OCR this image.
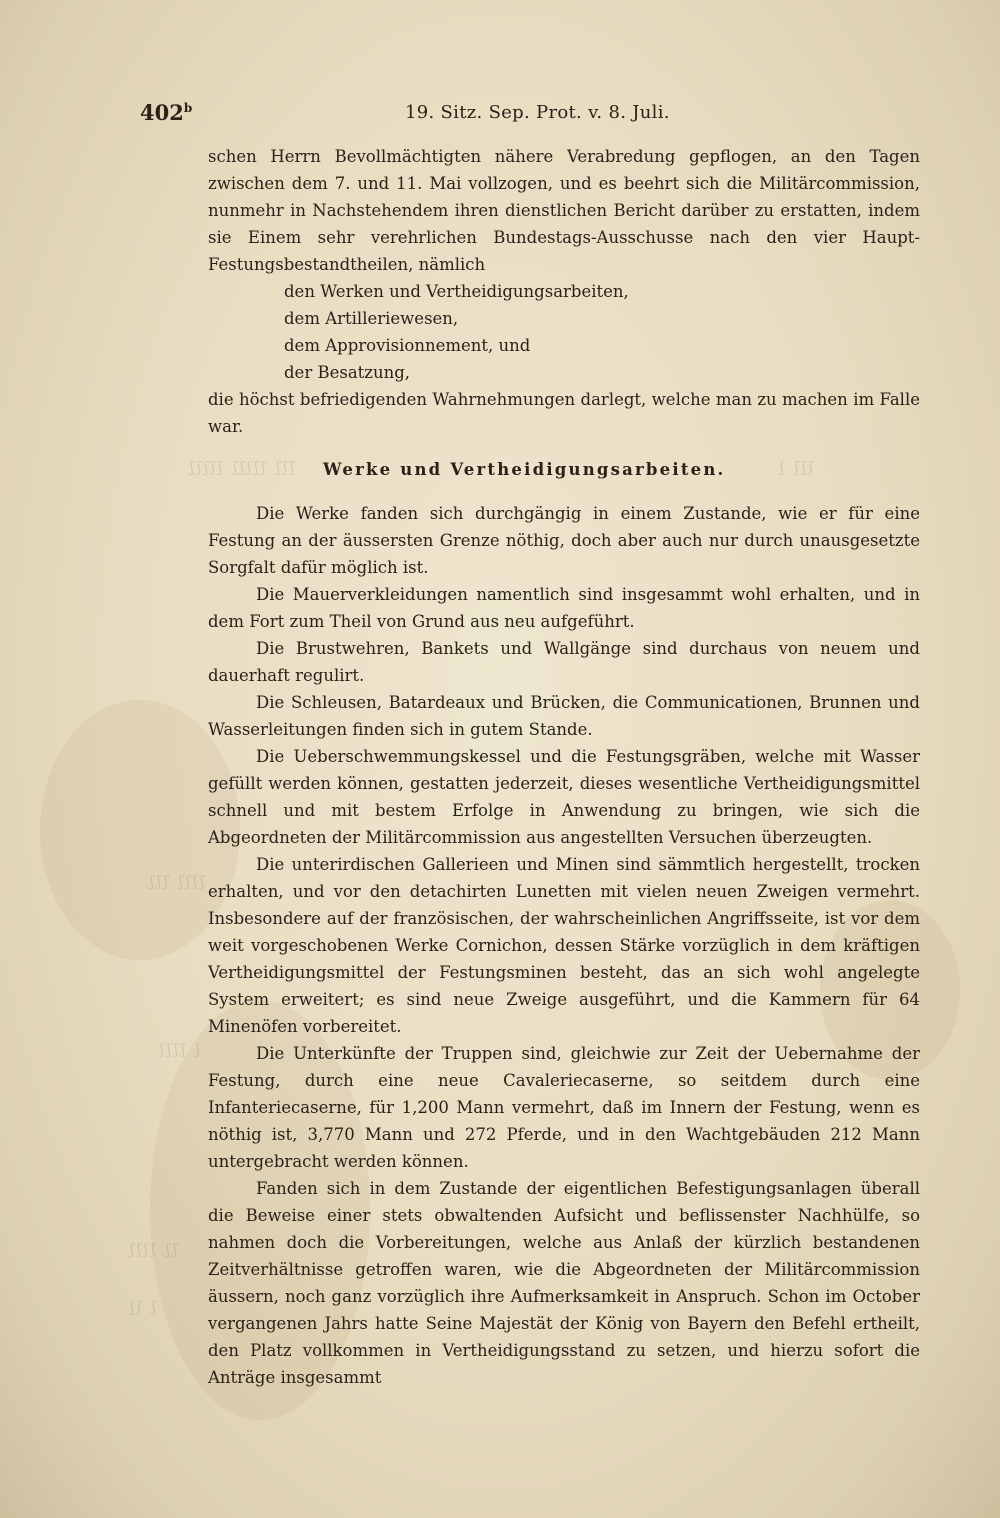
ʃʃʃʃʃ ʃʃʃʃʃ ʃʃʃ	ʃ ʃʃʃ
ʃʃʃ ʃʃʃʃ
ʃʃʃʃ ʃ
ʃʃʃʃ ʃʃ
ʃʃ ʃ
402$^b$	19. Sitz. Sep. Prot. v. 8. Juli.

schen Herrn Bevollmächtigten nähere Verabredung gepflogen, an den Tagen zwischen dem 7. und 11. Mai vollzogen, und es beehrt sich die Militärcommission, nunmehr in Nachstehendem ihren dienstlichen Bericht darüber zu erstatten, indem sie Einem sehr verehrlichen Bundestags-Ausschusse nach den vier Haupt-Festungsbestandtheilen, nämlich

den Werken und Vertheidigungsarbeiten,

dem Artilleriewesen,

dem Approvisionnement, und

der Besatzung,

die höchst befriedigenden Wahrnehmungen darlegt, welche man zu machen im Falle war.

Werke und Vertheidigungsarbeiten.

Die Werke fanden sich durchgängig in einem Zustande, wie er für eine Festung an der äussersten Grenze nöthig, doch aber auch nur durch unausgesetzte Sorgfalt dafür möglich ist.

Die Mauerverkleidungen namentlich sind insgesammt wohl erhalten, und in dem Fort zum Theil von Grund aus neu aufgeführt.

Die Brustwehren, Bankets und Wallgänge sind durchaus von neuem und dauerhaft regulirt.

Die Schleusen, Batardeaux und Brücken, die Communicationen, Brunnen und Wasserleitungen finden sich in gutem Stande.

Die Ueberschwemmungskessel und die Festungsgräben, welche mit Wasser gefüllt werden können, gestatten jederzeit, dieses wesentliche Vertheidigungsmittel schnell und mit bestem Erfolge in Anwendung zu bringen, wie sich die Abgeordneten der Militärcommission aus angestellten Versuchen überzeugten.

Die unterirdischen Gallerieen und Minen sind sämmtlich hergestellt, trocken erhalten, und vor den detachirten Lunetten mit vielen neuen Zweigen vermehrt. Insbesondere auf der französischen, der wahrscheinlichen Angriffsseite, ist vor dem weit vorgeschobenen Werke Cornichon, dessen Stärke vorzüglich in dem kräftigen Vertheidigungsmittel der Festungsminen besteht, das an sich wohl angelegte System erweitert; es sind neue Zweige ausgeführt, und die Kammern für 64 Minenöfen vorbereitet.

Die Unterkünfte der Truppen sind, gleichwie zur Zeit der Uebernahme der Festung, durch eine neue Cavaleriecaserne, so seitdem durch eine Infanteriecaserne, für 1,200 Mann vermehrt, daß im Innern der Festung, wenn es nöthig ist, 3,770 Mann und 272 Pferde, und in den Wachtgebäuden 212 Mann untergebracht werden können.

Fanden sich in dem Zustande der eigentlichen Befestigungsanlagen überall die Beweise einer stets obwaltenden Aufsicht und beflissenster Nachhülfe, so nahmen doch die Vorbereitungen, welche aus Anlaß der kürzlich bestandenen Zeitverhältnisse getroffen waren, wie die Abgeordneten der Militärcommission äussern, noch ganz vorzüglich ihre Aufmerksamkeit in Anspruch. Schon im October vergangenen Jahrs hatte Seine Majestät der König von Bayern den Befehl ertheilt, den Platz vollkommen in Vertheidigungsstand zu setzen, und hierzu sofort die Anträge insgesammt
